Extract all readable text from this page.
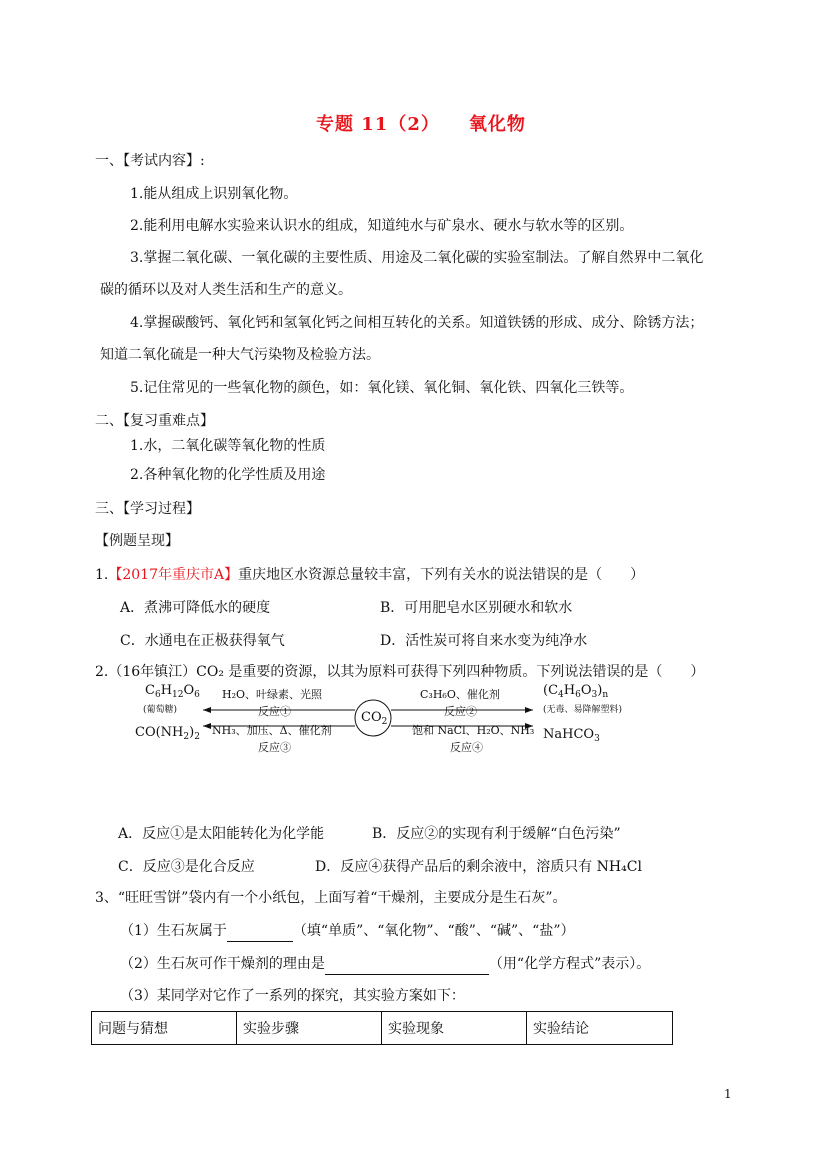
专题 11（2）　　氧化物
一、【考试内容】:
1.能从组成上识别氧化物。
2.能利用电解水实验来认识水的组成，知道纯水与矿泉水、硬水与软水等的区别。
3.掌握二氧化碳、一氧化碳的主要性质、用途及二氧化碳的实验室制法。了解自然界中二氧化
碳的循环以及对人类生活和生产的意义。
4.掌握碳酸钙、氧化钙和氢氧化钙之间相互转化的关系。知道铁锈的形成、成分、除锈方法；
知道二氧化硫是一种大气污染物及检验方法。
5.记住常见的一些氧化物的颜色，如：氧化镁、氧化铜、氧化铁、四氧化三铁等。
二、【复习重难点】
1.水，二氧化碳等氧化物的性质
2.各种氧化物的化学性质及用途
三、【学习过程】
【例题呈现】
1.【2017年重庆市A】重庆地区水资源总量较丰富，下列有关水的说法错误的是（　　）
A．煮沸可降低水的硬度	B．可用肥皂水区别硬水和软水
C．水通电在正极获得氧气	D．活性炭可将自来水变为纯净水
2.（16年镇江）CO₂ 是重要的资源，以其为原料可获得下列四种物质。下列说法错误的是（　　）
$CO_2$
$C_6H_{12}O_6$
(葡萄糖)
H₂O、叶绿素、光照
反应①
$(C_4H_6O_3)_n$
(无毒、易降解塑料)
C₃H₆O、催化剂
反应②
$CO(NH_2)_2$ NH₃、加压、Δ、催化剂
反应③
NaHCO$_3$
饱和 NaCl、H₂O、NH₃
反应④
A．反应①是太阳能转化为化学能	B．反应②的实现有利于缓解“白色污染”
C．反应③是化合反应	D．反应④获得产品后的剩余液中，溶质只有 NH₄Cl
3、“旺旺雪饼”袋内有一个小纸包，上面写着“干燥剂，主要成分是生石灰”。
（1）生石灰属于	（填“单质”、“氧化物”、“酸”、“碱”、“盐”）
（2）生石灰可作干燥剂的理由是	（用“化学方程式”表示）。
（3）某同学对它作了一系列的探究，其实验方案如下：
问题与猜想	实验步骤	实验现象	实验结论
1
